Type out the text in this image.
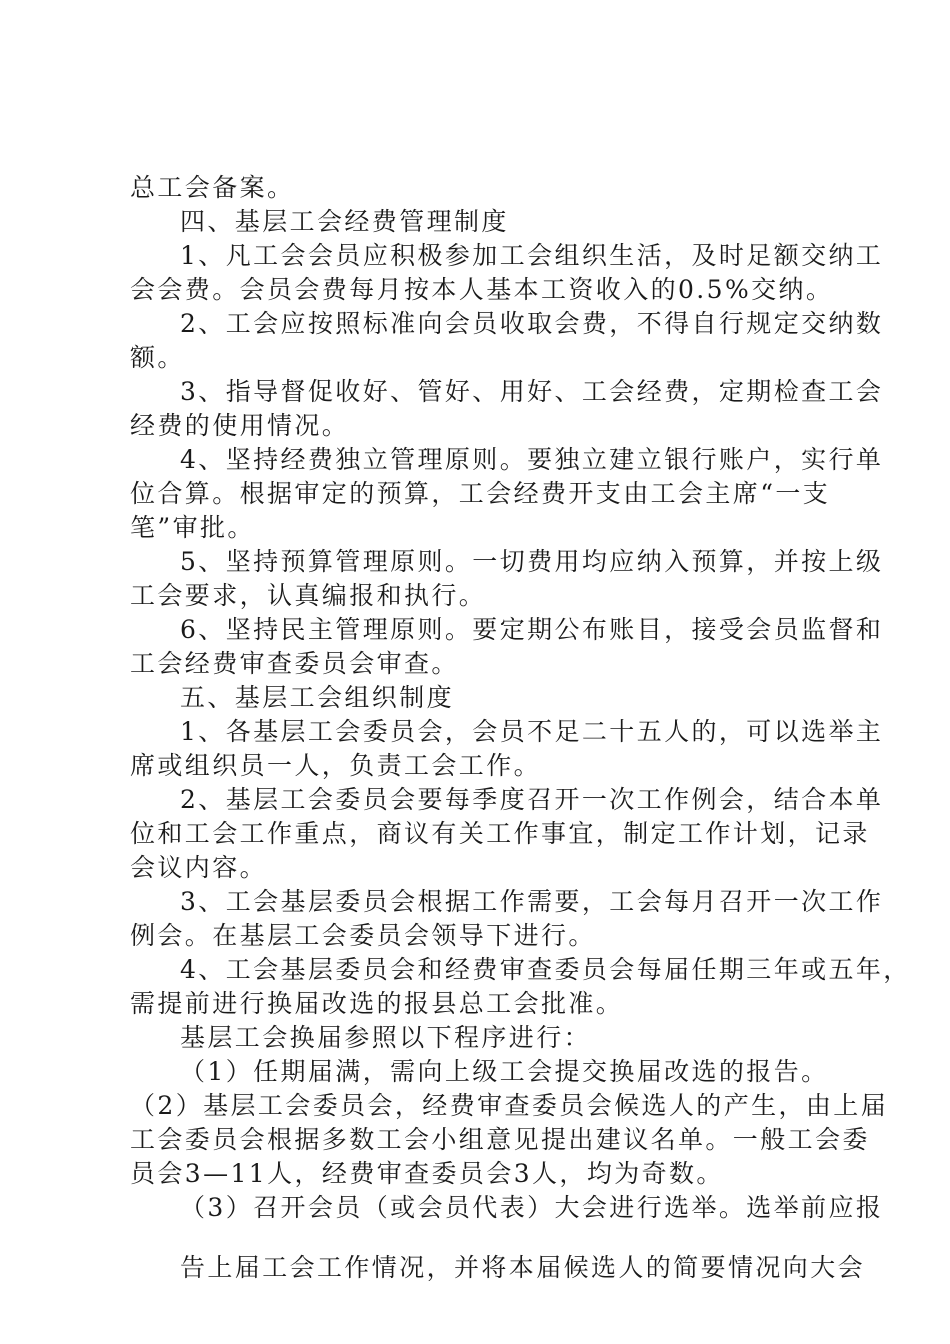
总工会备案。
四、基层工会经费管理制度
1、凡工会会员应积极参加工会组织生活，及时足额交纳工
会会费。会员会费每月按本人基本工资收入的0.5%交纳。
2、工会应按照标准向会员收取会费，不得自行规定交纳数
额。
3、指导督促收好、管好、用好、工会经费，定期检查工会
经费的使用情况。
4、坚持经费独立管理原则。要独立建立银行账户，实行单
位合算。根据审定的预算，工会经费开支由工会主席“一支
笔”审批。
5、坚持预算管理原则。一切费用均应纳入预算，并按上级
工会要求，认真编报和执行。
6、坚持民主管理原则。要定期公布账目，接受会员监督和
工会经费审查委员会审查。
五、基层工会组织制度
1、各基层工会委员会，会员不足二十五人的，可以选举主
席或组织员一人，负责工会工作。
2、基层工会委员会要每季度召开一次工作例会，结合本单
位和工会工作重点，商议有关工作事宜，制定工作计划，记录
会议内容。
3、工会基层委员会根据工作需要，工会每月召开一次工作
例会。在基层工会委员会领导下进行。
4、工会基层委员会和经费审查委员会每届任期三年或五年，
需提前进行换届改选的报县总工会批准。
基层工会换届参照以下程序进行：
（1）任期届满，需向上级工会提交换届改选的报告。
（2）基层工会委员会，经费审查委员会候选人的产生，由上届
工会委员会根据多数工会小组意见提出建议名单。一般工会委
员会3—11人，经费审查委员会3人，均为奇数。
（3）召开会员（或会员代表）大会进行选举。选举前应报
告上届工会工作情况，并将本届候选人的简要情况向大会
